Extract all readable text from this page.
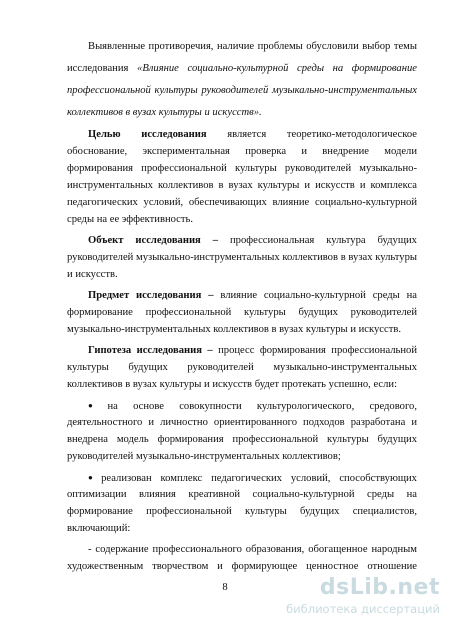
Выявленные противоречия, наличие проблемы обусловили выбор темы
исследования «Влияние социально-культурной среды на формирование
профессиональной культуры руководителей музыкально-инструментальных
коллективов в вузах культуры и искусств».
Целью исследования является теоретико-методологическое
обоснование, экспериментальная проверка и внедрение модели
формирования профессиональной культуры руководителей музыкально-
инструментальных коллективов в вузах культуры и искусств и комплекса
педагогических условий, обеспечивающих влияние социально-культурной
среды на ее эффективность.
Объект исследования – профессиональная культура будущих
руководителей музыкально-инструментальных коллективов в вузах культуры
и искусств.
Предмет исследования – влияние социально-культурной среды на
формирование профессиональной культуры будущих руководителей
музыкально-инструментальных коллективов в вузах культуры и искусств.
Гипотеза исследования – процесс формирования профессиональной
культуры будущих руководителей музыкально-инструментальных
коллективов в вузах культуры и искусств будет протекать успешно, если:
● на основе совокупности культурологического, средового,
деятельностного и личностно ориентированного подходов разработана и
внедрена модель формирования профессиональной культуры будущих
руководителей музыкально-инструментальных коллективов;
● реализован комплекс педагогических условий, способствующих
оптимизации влияния креативной социально-культурной среды на
формирование профессиональной культуры будущих специалистов,
включающий:
- содержание профессионального образования, обогащенное народным
художественным творчеством и формирующее ценностное отношение
8	dsLib.net
библиотека диссертаций
